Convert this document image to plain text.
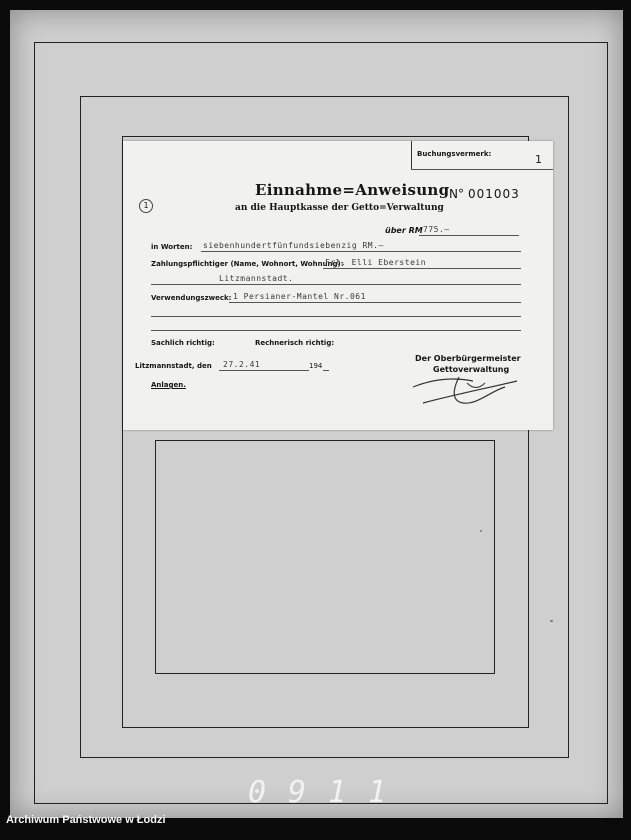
Buchungsvermerk:	1
1
Einnahme=Anweisung
an die Hauptkasse der Getto=Verwaltung
N° 001003
über RM 775.—
in Worten: siebenhundertfünfundsiebenzig RM.—
Zahlungspflichtiger (Name, Wohnort, Wohnung):
Frl. Elli Eberstein
Litzmannstadt.
Verwendungszweck: 1 Persianer-Mantel Nr.061
Sachlich richtig:	Rechnerisch richtig:
Litzmannstadt, den 27.2.41	194
Der Oberbürgermeister
Gettoverwaltung
Anlagen.
0911
Archiwum Państwowe w Łodzi
